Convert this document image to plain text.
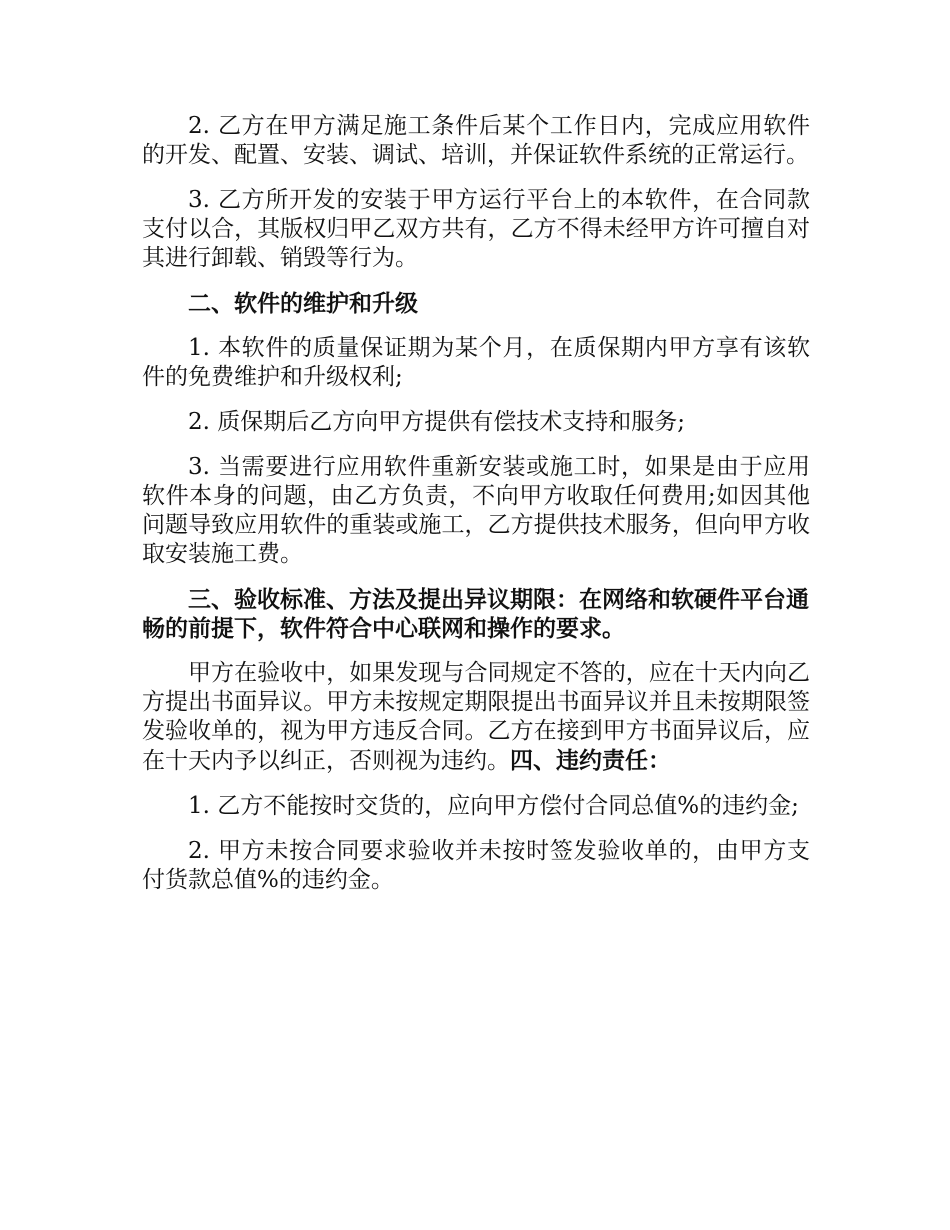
2. 乙方在甲方满足施工条件后某个工作日内，完成应用软件的开发、配置、安装、调试、培训，并保证软件系统的正常运行。

3. 乙方所开发的安装于甲方运行平台上的本软件，在合同款支付以合，其版权归甲乙双方共有，乙方不得未经甲方许可擅自对其进行卸载、销毁等行为。

二、软件的维护和升级

1. 本软件的质量保证期为某个月，在质保期内甲方享有该软件的免费维护和升级权利;

2. 质保期后乙方向甲方提供有偿技术支持和服务;

3. 当需要进行应用软件重新安装或施工时，如果是由于应用软件本身的问题，由乙方负责，不向甲方收取任何费用;如因其他问题导致应用软件的重装或施工，乙方提供技术服务，但向甲方收取安装施工费。

三、验收标准、方法及提出异议期限：在网络和软硬件平台通畅的前提下，软件符合中心联网和操作的要求。

甲方在验收中，如果发现与合同规定不答的，应在十天内向乙方提出书面异议。甲方未按规定期限提出书面异议并且未按期限签发验收单的，视为甲方违反合同。乙方在接到甲方书面异议后，应在十天内予以纠正，否则视为违约。四、违约责任：

1. 乙方不能按时交货的，应向甲方偿付合同总值%的违约金;

2. 甲方未按合同要求验收并未按时签发验收单的，由甲方支付货款总值%的违约金。
